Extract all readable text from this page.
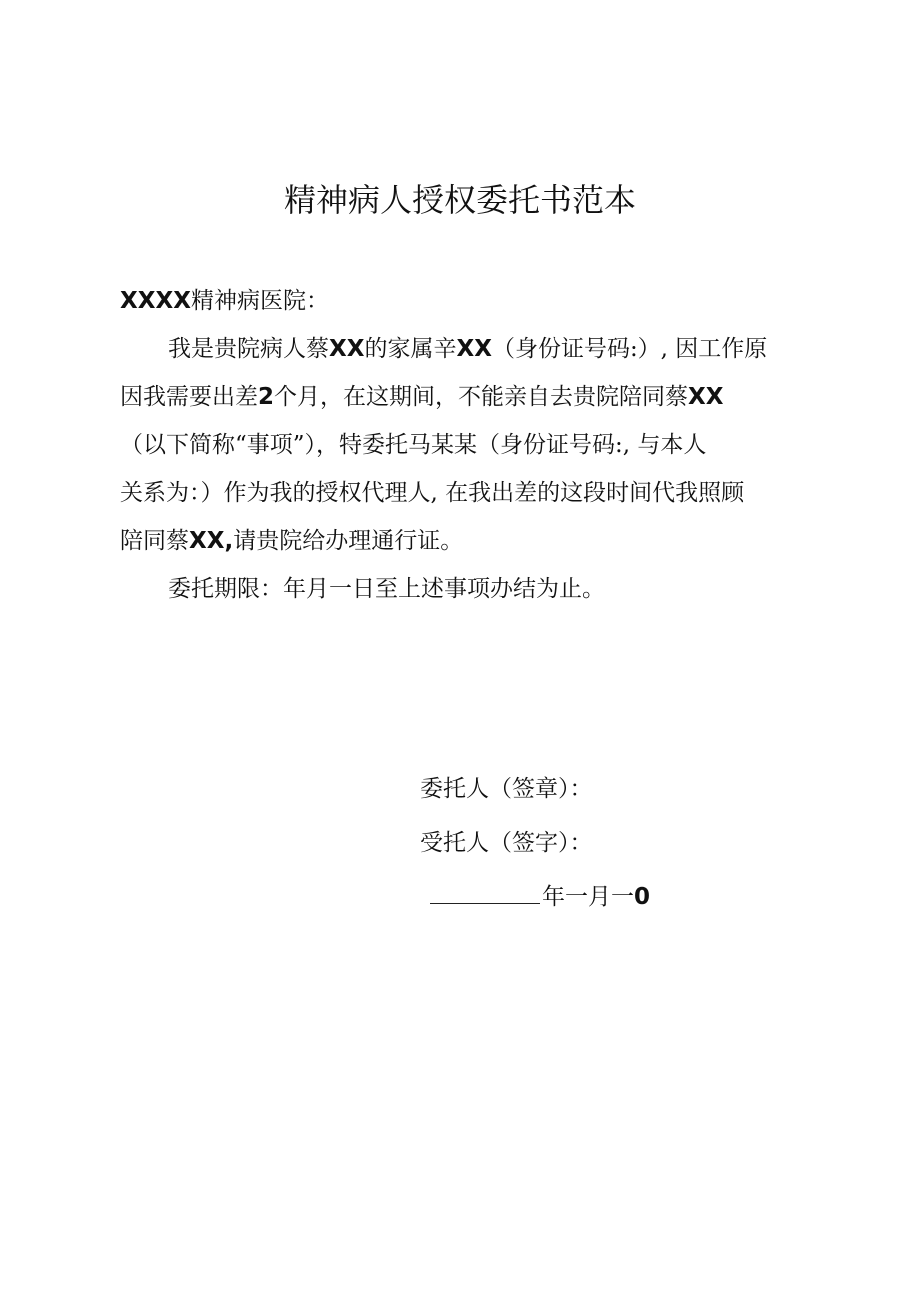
精神病人授权委托书范本
XXXX精神病医院：
我是贵院病人蔡XX的家属辛XX（身份证号码:）, 因工作原
因我需要出差2个月，在这期间，不能亲自去贵院陪同蔡XX
（以下简称“事项”），特委托马某某（身份证号码:, 与本人
关系为：）作为我的授权代理人, 在我出差的这段时间代我照顾
陪同蔡XX,请贵院给办理通行证。
委托期限：年月一日至上述事项办结为止。
委托人（签章）：
受托人（签字）：
年一月一0
